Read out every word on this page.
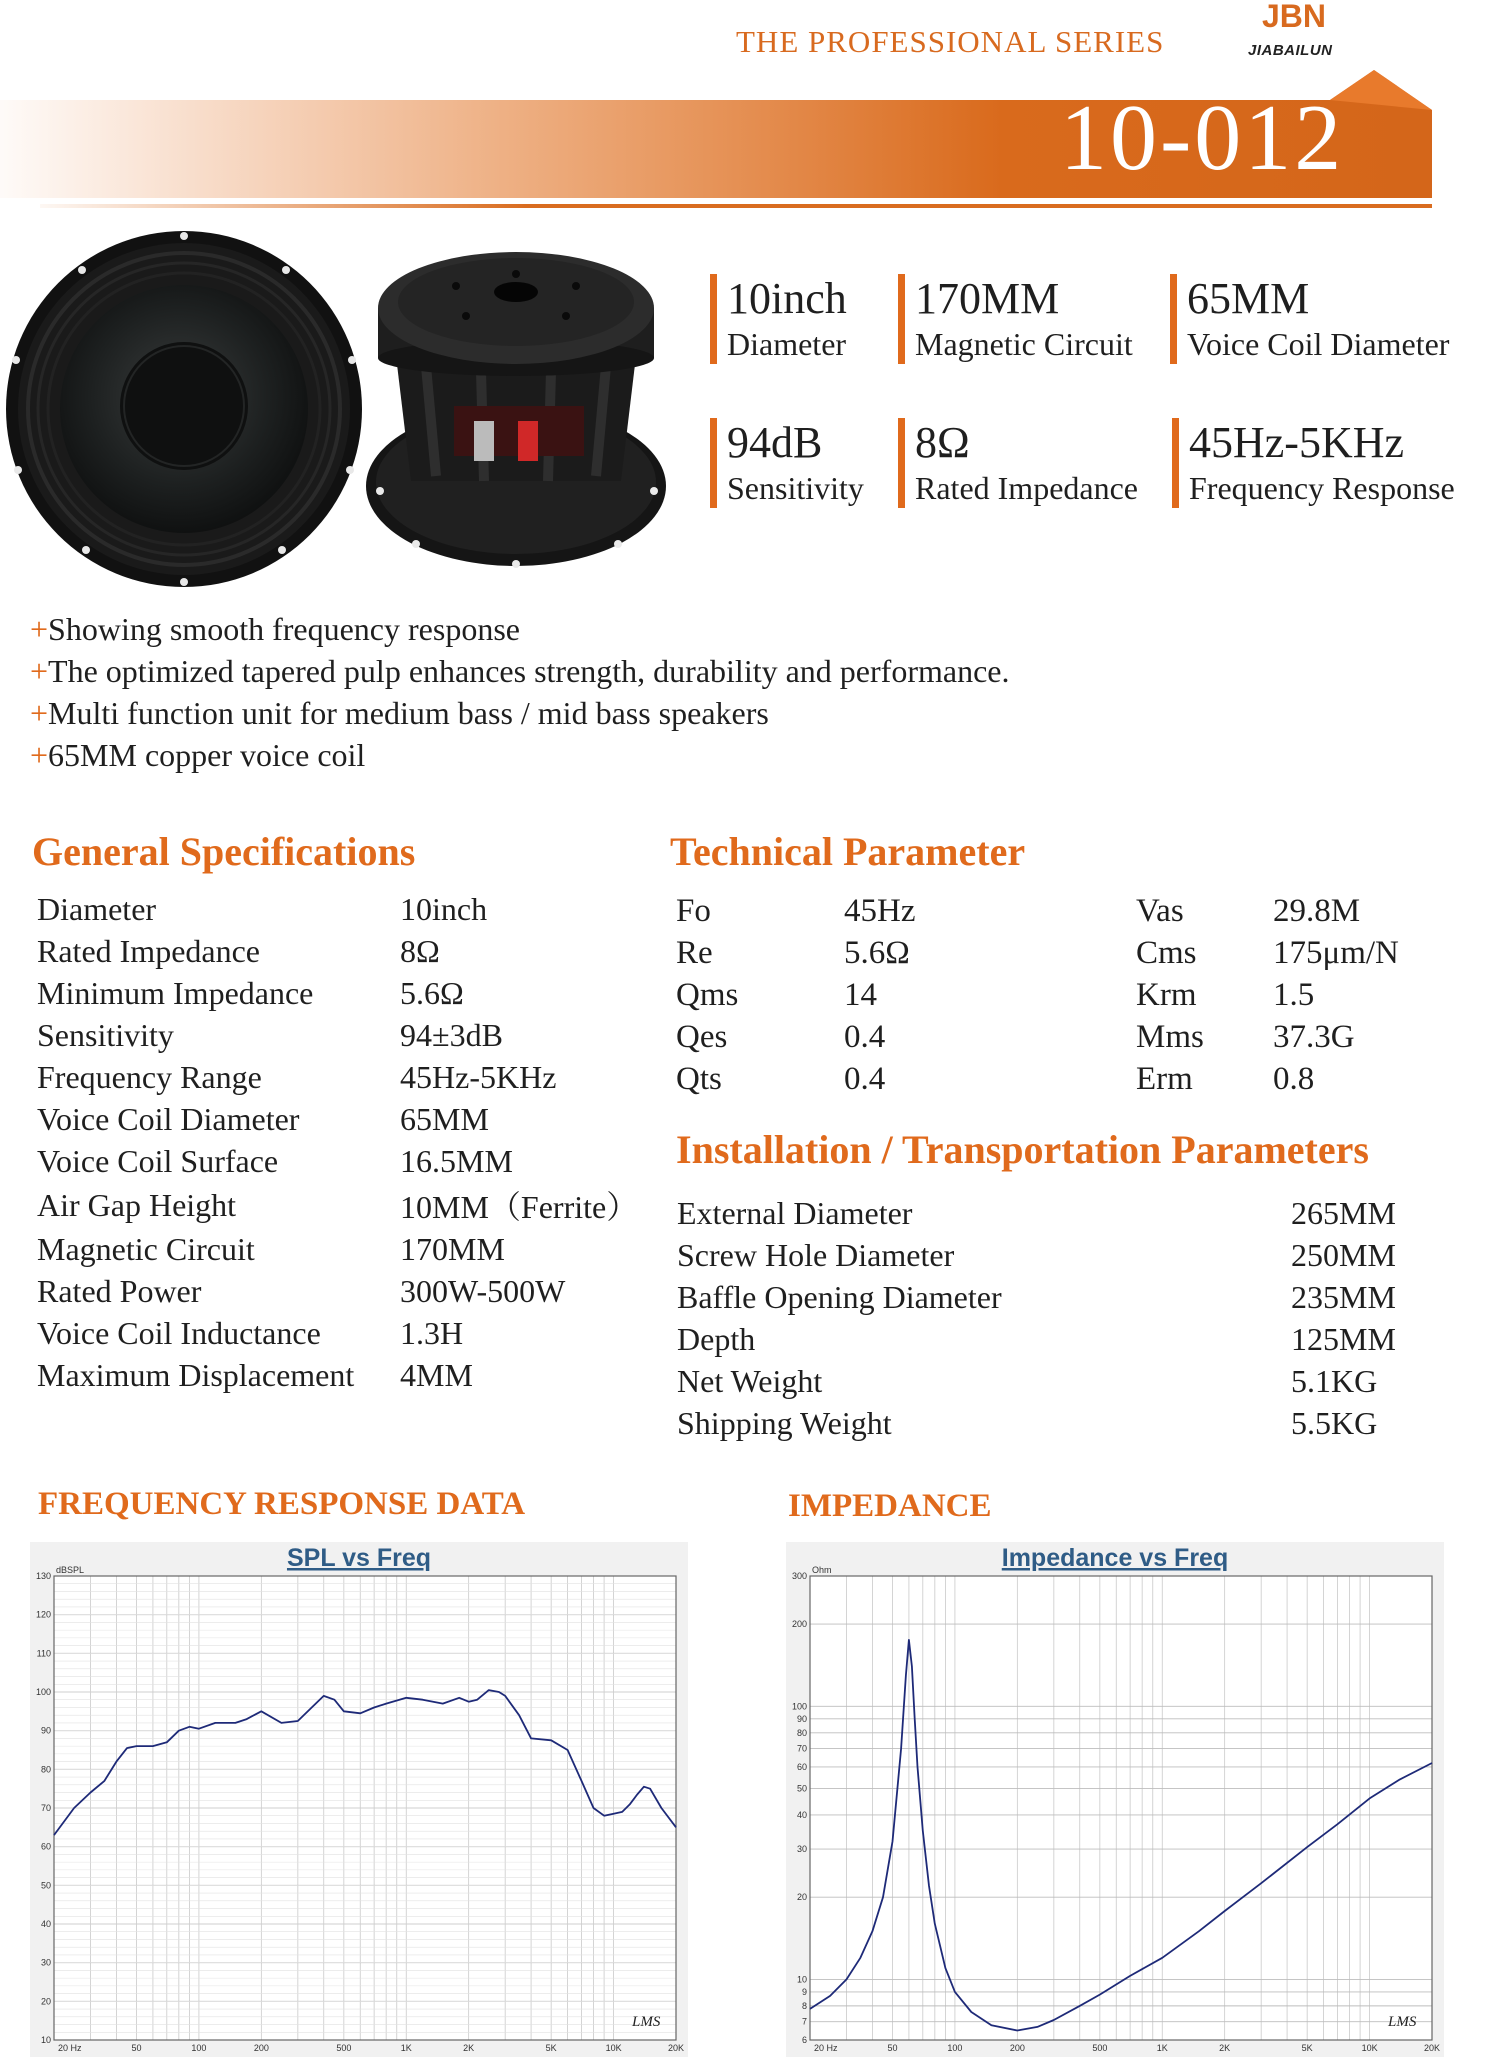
THE PROFESSIONAL SERIES
JBN
JIABAILUN
10-012
10inch
Diameter
170MM
Magnetic Circuit
65MM
Voice Coil Diameter
94dB
Sensitivity
8Ω
Rated Impedance
45Hz-5KHz
Frequency Response
+Showing smooth frequency response
+The optimized tapered pulp enhances strength, durability and performance.
+Multi function unit for medium bass / mid bass speakers
+65MM copper voice coil
General Specifications
Diameter	10inch
Rated Impedance	8Ω
Minimum Impedance	5.6Ω
Sensitivity	94±3dB
Frequency Range	45Hz-5KHz
Voice Coil Diameter	65MM
Voice Coil Surface	16.5MM
Air Gap Height	10MM（Ferrite）
Magnetic Circuit	170MM
Rated Power	300W-500W
Voice Coil Inductance	1.3H
Maximum Displacement	4MM
Technical Parameter
Fo	45Hz	Vas	29.8M
Re	5.6Ω	Cms	175μm/N
Qms	14	Krm	1.5
Qes	0.4	Mms	37.3G
Qts	0.4	Erm	0.8
Installation / Transportation Parameters
External Diameter	265MM
Screw Hole Diameter	250MM
Baffle Opening Diameter	235MM
Depth	125MM
Net Weight	5.1KG
Shipping Weight	5.5KG
FREQUENCY RESPONSE DATA	IMPEDANCE
SPL vs Freq
dBSPL
10
20
30
40
50
60
70
80
90
100
110
120
130
20 Hz	50	100	200	500	1K	2K	5K	10K	20K
LMS
Impedance vs Freq
Ohm
6
7
8
9
10
20
30
40
50
60
70
80
90
100
200
300
20 Hz	50	100	200	500	1K	2K	5K	10K	20K
LMS
